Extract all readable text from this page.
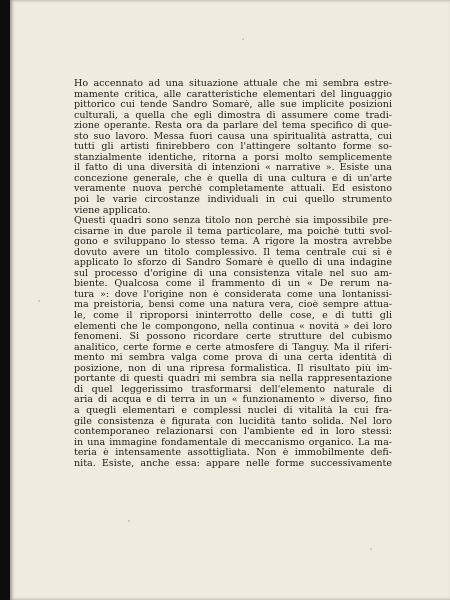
Ho accennato ad una situazione attuale che mi sembra estre-
mamente critica, alle caratteristiche elementari del linguaggio
pittorico cui tende Sandro Somarè, alle sue implicite posizioni
culturali, a quella che egli dimostra di assumere come tradi-
zione operante. Resta ora da parlare del tema specifico di que-
sto suo lavoro. Messa fuori causa una spiritualità astratta, cui
tutti gli artisti finirebbero con l'attingere soltanto forme so-
stanzialmente identiche, ritorna a porsi molto semplicemente
il fatto di una diversità di intenzioni « narrative ». Esiste una
concezione generale, che è quella di una cultura e di un'arte
veramente nuova perchè completamente attuali. Ed esistono
poi le varie circostanze individuali in cui quello strumento
viene applicato.
Questi quadri sono senza titolo non perchè sia impossibile pre-
cisarne in due parole il tema particolare, ma poichè tutti svol-
gono e sviluppano lo stesso tema. A rigore la mostra avrebbe
dovuto avere un titolo complessivo. Il tema centrale cui si è
applicato lo sforzo di Sandro Somarè è quello di una indagine
sul processo d'origine di una consistenza vitale nel suo am-
biente. Qualcosa come il frammento di un « De rerum na-
tura »: dove l'origine non è considerata come una lontanissi-
ma preistoria, bensì come una natura vera, cioè sempre attua-
le, come il riproporsi ininterrotto delle cose, e di tutti gli
elementi che le compongono, nella continua « novità » dei loro
fenomeni. Si possono ricordare certe strutture del cubismo
analitico, certe forme e certe atmosfere di Tanguy. Ma il riferi-
mento mi sembra valga come prova di una certa identità di
posizione, non di una ripresa formalistica. Il risultato più im-
portante di questi quadri mi sembra sia nella rappresentazione
di quel leggerissimo trasformarsi dell'elemento naturale di
aria di acqua e di terra in un « funzionamento » diverso, fino
a quegli elementari e complessi nuclei di vitalità la cui fra-
gile consistenza è figurata con lucidità tanto solida. Nel loro
contemporaneo relazionarsi con l'ambiente ed in loro stessi:
in una immagine fondamentale di meccanismo organico. La ma-
teria è intensamente assottigliata. Non è immobilmente defi-
nita. Esiste, anche essa: appare nelle forme successivamente
